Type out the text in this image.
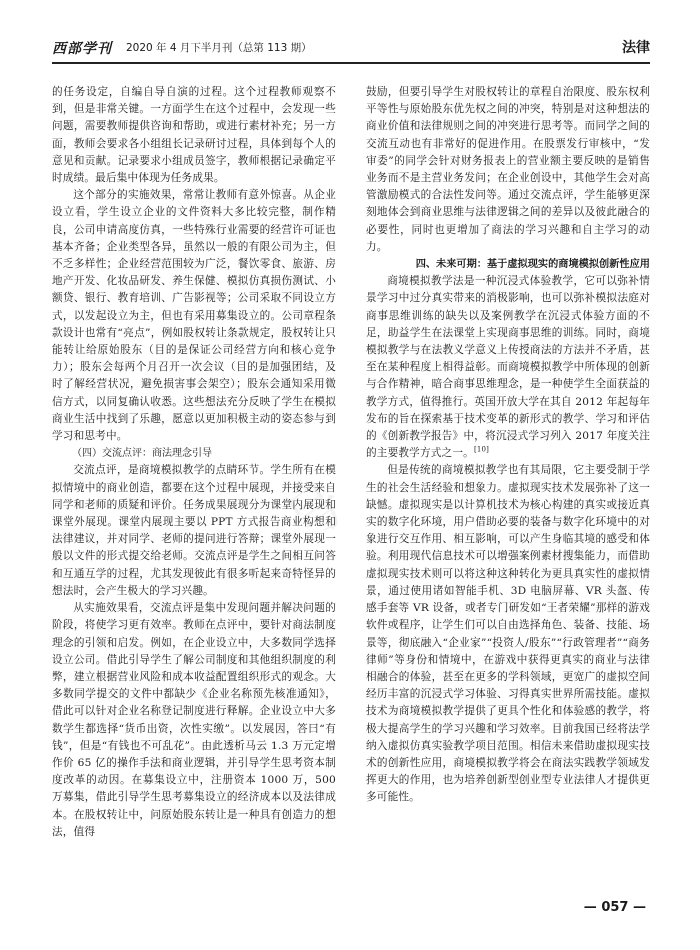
西部学刊 2020 年 4 月下半月刊（总第 113 期）	法律

的任务设定，自编自导自演的过程。这个过程教师观察不到，但是非常关键。一方面学生在这个过程中，会发现一些问题，需要教师提供咨询和帮助，或进行素材补充；另一方面，教师会要求各小组组长记录研讨过程，具体到每个人的意见和贡献。记录要求小组成员签字，教师根据记录确定平时成绩。最后集中体现为任务成果。

这个部分的实施效果，常常让教师有意外惊喜。从企业设立看，学生设立企业的文件资料大多比较完整，制作精良，公司申请高度仿真，一些特殊行业需要的经营许可证也基本齐备；企业类型各异，虽然以一般的有限公司为主，但不乏多样性；企业经营范围较为广泛，餐饮零食、旅游、房地产开发、化妆品研发、养生保健、模拟仿真损伤测试、小额贷、银行、教育培训、广告影视等；公司采取不同设立方式，以发起设立为主，但也有采用募集设立的。公司章程条款设计也常有“亮点”，例如股权转让条款规定，股权转让只能转让给原始股东（目的是保证公司经营方向和核心竞争力）；股东会每两个月召开一次会议（目的是加强团结，及时了解经营状况，避免损害事会架空）；股东会通知采用微信方式，以同复确认收悉。这些想法充分反映了学生在模拟商业生活中找到了乐趣，愿意以更加积极主动的姿态参与到学习和思考中。

（四）交流点评：商法理念引导

交流点评，是商境模拟教学的点睛环节。学生所有在模拟情境中的商业创造，都要在这个过程中展现，并接受来自同学和老师的质疑和评价。任务成果展现分为课堂内展现和课堂外展现。课堂内展现主要以 PPT 方式报告商业构想和法律建议，并对同学、老师的提问进行答辩；课堂外展现一般以文件的形式提交给老师。交流点评是学生之间相互问答和互通互学的过程，尤其发现彼此有很多听起来奇特怪异的想法时，会产生极大的学习兴趣。

从实施效果看，交流点评是集中发现问题并解决问题的阶段，将使学习更有效率。教师在点评中，要针对商法制度理念的引领和启发。例如，在企业设立中，大多数同学选择设立公司。借此引导学生了解公司制度和其他组织制度的利弊，建立根据营业风险和成本收益配置组织形式的观念。大多数同学提交的文件中都缺少《企业名称预先核准通知》，借此可以针对企业名称登记制度进行释解。企业设立中大多数学生都选择“货币出资，次性实缴”。以发展因，答曰“有钱”，但是“有钱也不可乱花”。由此透析马云 1.3 万元定增作价 65 亿的操作手法和商业逻辑，并引导学生思考资本制度改革的动因。在募集设立中，注册资本 1000 万，500 万募集，借此引导学生思考募集设立的经济成本以及法律成本。在股权转让中，问原始股东转让是一种具有创造力的想法，值得

鼓励，但要引导学生对股权转让的章程自治限度、股东权利平等性与原始股东优先权之间的冲突，特别是对这种想法的商业价值和法律规则之间的冲突进行思考等。而同学之间的交流互动也有非常好的促进作用。在股票发行审核中，“发审委”的同学会针对财务报表上的营业额主要反映的是销售业务而不是主营业务发问；在企业创设中，其他学生会对高管激励模式的合法性发问等。通过交流点评，学生能够更深刻地体会到商业思维与法律逻辑之间的差异以及彼此融合的必要性，同时也更增加了商法的学习兴趣和自主学习的动力。

四、未来可期：基于虚拟现实的商境模拟创新性应用

商境模拟教学法是一种沉浸式体验教学，它可以弥补情景学习中过分真实带来的消极影响，也可以弥补模拟法庭对商事思维训练的缺失以及案例教学在沉浸式体验方面的不足，助益学生在法课堂上实现商事思维的训练。同时，商境模拟教学与在法教义学意义上传授商法的方法并不矛盾，甚至在某种程度上相得益彰。而商境模拟教学中所体现的创新与合作精神，暗合商事思维理念，是一种使学生全面获益的教学方式，值得推行。英国开放大学在其自 2012 年起每年发布的旨在探索基于技术变革的新形式的教学、学习和评估的《创新教学报告》中，将沉浸式学习列入 2017 年度关注的主要教学方式之一。[10]

但是传统的商境模拟教学也有其局限，它主要受制于学生的社会生活经验和想象力。虚拟现实技术发展弥补了这一缺憾。虚拟现实是以计算机技术为核心构建的真实或接近真实的数字化环境，用户借助必要的装备与数字化环境中的对象进行交互作用、相互影响，可以产生身临其境的感受和体验。利用现代信息技术可以增强案例素材搜集能力，而借助虚拟现实技术则可以将这种这种转化为更具真实性的虚拟情景，通过使用诸如智能手机、3D 电脑屏幕、VR 头盔、传感手套等 VR 设备，或者专门研发如“王者荣耀”那样的游戏软件或程序，让学生们可以自由选择角色、装备、技能、场景等，彻底融入“企业家”“投资人/股东”“行政管理者”“商务律师”等身份和情境中，在游戏中获得更真实的商业与法律相融合的体验，甚至在更多的学科领域，更宽广的虚拟空间经历丰富的沉浸式学习体验、习得真实世界所需技能。虚拟技术为商境模拟教学提供了更具个性化和体验感的教学，将极大提高学生的学习兴趣和学习效率。目前我国已经将法学纳入虚拟仿真实验教学项目范围。相信未来借助虚拟现实技术的创新性应用，商境模拟教学将会在商法实践教学领域发挥更大的作用，也为培养创新型创业型专业法律人才提供更多可能性。

号
— 057 —
